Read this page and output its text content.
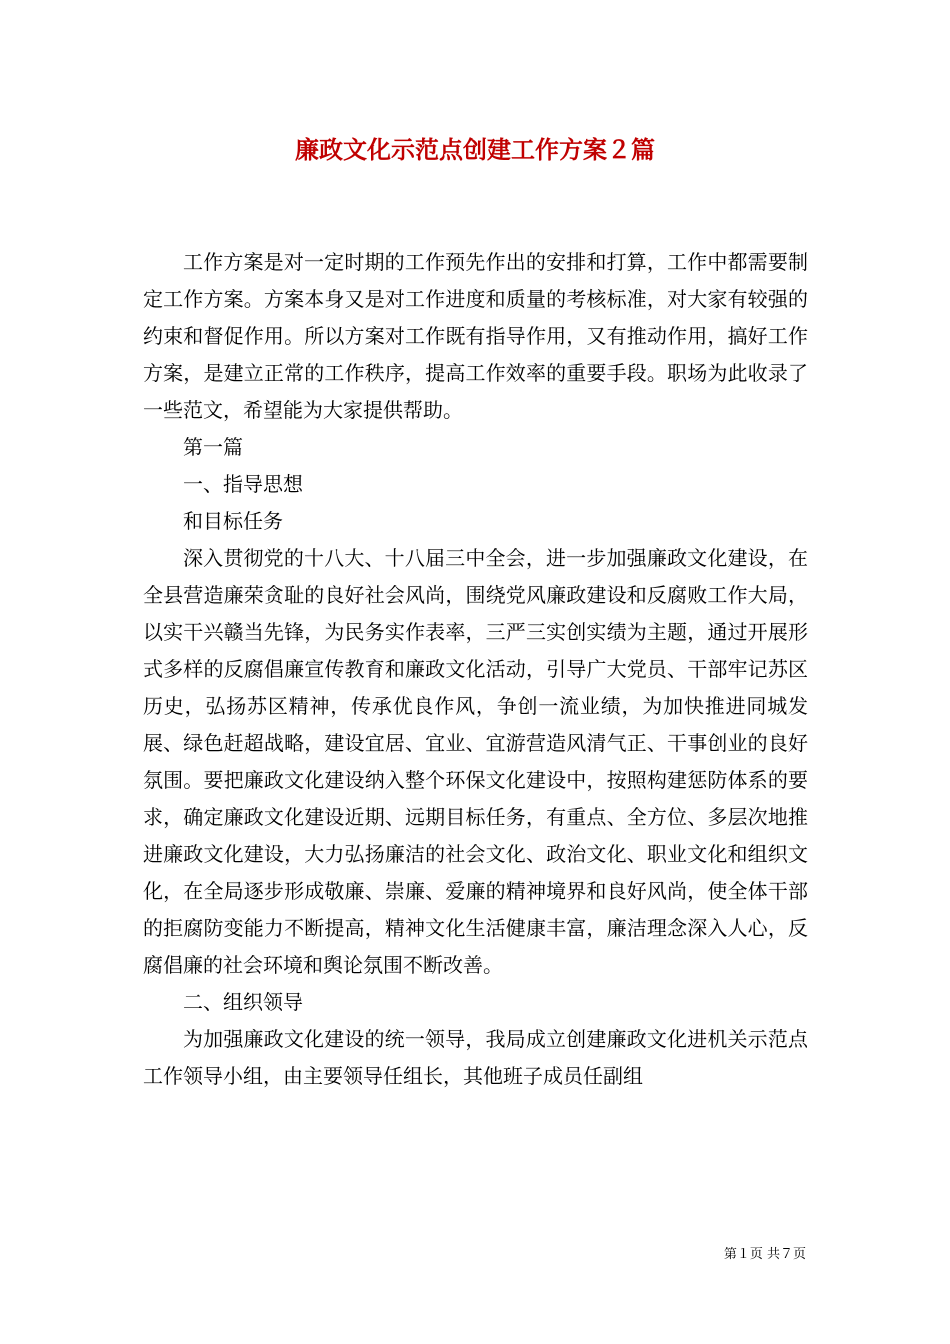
廉政文化示范点创建工作方案２篇

工作方案是对一定时期的工作预先作出的安排和打算，工作中都需要制定工作方案。方案本身又是对工作进度和质量的考核标准，对大家有较强的约束和督促作用。所以方案对工作既有指导作用，又有推动作用，搞好工作方案，是建立正常的工作秩序，提高工作效率的重要手段。职场为此收录了一些范文，希望能为大家提供帮助。

第一篇

一、指导思想

和目标任务

深入贯彻党的十八大、十八届三中全会，进一步加强廉政文化建设，在全县营造廉荣贪耻的良好社会风尚，围绕党风廉政建设和反腐败工作大局，以实干兴赣当先锋，为民务实作表率，三严三实创实绩为主题，通过开展形式多样的反腐倡廉宣传教育和廉政文化活动，引导广大党员、干部牢记苏区历史，弘扬苏区精神，传承优良作风，争创一流业绩，为加快推进同城发展、绿色赶超战略，建设宜居、宜业、宜游营造风清气正、干事创业的良好氛围。要把廉政文化建设纳入整个环保文化建设中，按照构建惩防体系的要求，确定廉政文化建设近期、远期目标任务，有重点、全方位、多层次地推进廉政文化建设，大力弘扬廉洁的社会文化、政治文化、职业文化和组织文化，在全局逐步形成敬廉、崇廉、爱廉的精神境界和良好风尚，使全体干部的拒腐防变能力不断提高，精神文化生活健康丰富，廉洁理念深入人心，反腐倡廉的社会环境和舆论氛围不断改善。

二、组织领导

为加强廉政文化建设的统一领导，我局成立创建廉政文化进机关示范点工作领导小组，由主要领导任组长，其他班子成员任副组

第１页 共７页
